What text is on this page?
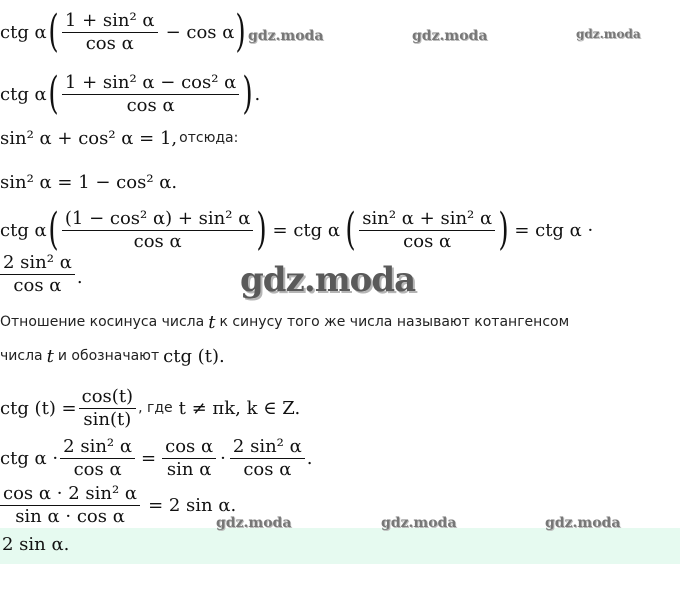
ctg α ( $\frac{\text{1 + sin² α}}{\text{cos α}} - \cos \alpha$ )
ctg α ( $\frac{\text{1 + sin² α − cos² α}}{\text{cos α}}$ ) .
sin² α + cos² α = 1, отсюда:
sin² α = 1 − cos² α.
ctg α ( $\frac{\text{(1 − cos² α) + sin² α}}{\text{cos α}}$ ) = ctg α ( $\frac{\text{sin² α + sin² α}}{\text{cos α}}$ ) = ctg α ·
$\frac{\text{2 sin² α}}{\text{cos α}}$ .
Отношение косинуса числа t к синусу того же числа называют котангенсом
числа t и обозначают ctg (t).
ctg $(t) = \frac{\cos(t)}{\sin(t)}$ , где t ≠ πk, k ∈ Z.
ctg $\alpha \cdot \frac{\text{2 sin² α}}{\text{cos α}} = \frac{\text{cos α}}{\text{sin α}} \cdot \frac{\text{2 sin² α}}{\text{cos α}}$ .
$\frac{\text{cos α · 2 sin² α}}{\text{sin α · cos α}} = 2$ sin α.
2 sin α.
gdz.moda	gdz.moda	gdz.moda
gdz.moda
gdz.moda	gdz.moda	gdz.moda
